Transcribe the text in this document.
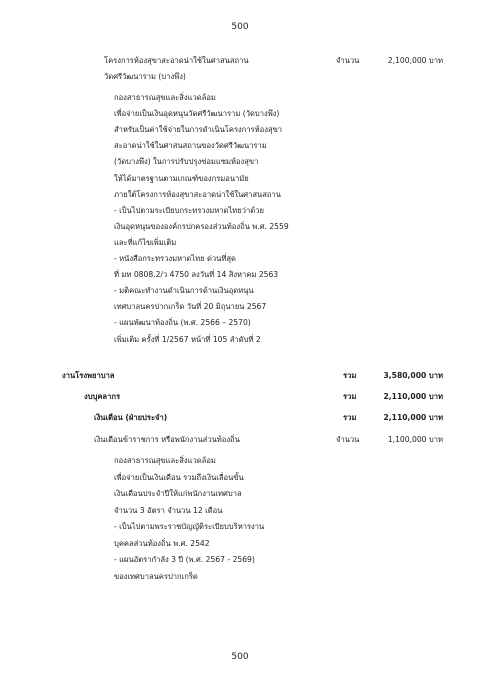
500
โครงการห้องสุขาสะอาดน่าใช้ในศาสนสถาน
วัดศรีวัฒนาราม (บางพึง)
จำนวน	2,100,000 บาท
กองสาธารณสุขและสิ่งแวดล้อม
เพื่อจ่ายเป็นเงินอุดหนุนวัดศรีวัฒนาราม (วัดบางพึง)
สำหรับเป็นค่าใช้จ่ายในการดำเนินโครงการห้องสุขา
สะอาดน่าใช้ในศาสนสถานของวัดศรีวัฒนาราม
(วัดบางพึง) ในการปรับปรุงซ่อมแซมห้องสุขา
ให้ได้มาตรฐานตามเกณฑ์ของกรมอนามัย
ภายใต้โครงการห้องสุขาสะอาดน่าใช้ในศาสนสถาน
- เป็นไปตามระเบียบกระทรวงมหาดไทยว่าด้วย
เงินอุดหนุนขององค์กรปกครองส่วนท้องถิ่น พ.ศ. 2559
และที่แก้ไขเพิ่มเติม
- หนังสือกระทรวงมหาดไทย ด่วนที่สุด
ที่ มท 0808.2/ว 4750 ลงวันที่ 14 สิงหาคม 2563
- มติคณะทำงานดำเนินการด้านเงินอุดหนุน
เทศบาลนครปากเกร็ด วันที่ 20 มิถุนายน 2567
- แผนพัฒนาท้องถิ่น (พ.ศ. 2566 – 2570)
เพิ่มเติม ครั้งที่ 1/2567 หน้าที่ 105 ลำดับที่ 2
งานโรงพยาบาล	รวม	3,580,000 บาท
งบบุคลากร	รวม	2,110,000 บาท
เงินเดือน (ฝ่ายประจำ)	รวม	2,110,000 บาท
เงินเดือนข้าราชการ หรือพนักงานส่วนท้องถิ่น	จำนวน	1,100,000 บาท
กองสาธารณสุขและสิ่งแวดล้อม
เพื่อจ่ายเป็นเงินเดือน รวมถึงเงินเลื่อนขั้น
เงินเดือนประจำปีให้แก่พนักงานเทศบาล
จำนวน 3 อัตรา จำนวน 12 เดือน
- เป็นไปตามพระราชบัญญัติระเบียบบริหารงาน
บุคคลส่วนท้องถิ่น พ.ศ. 2542
- แผนอัตรากำลัง 3 ปี (พ.ศ. 2567 - 2569)
ของเทศบาลนครปากเกร็ด
500
